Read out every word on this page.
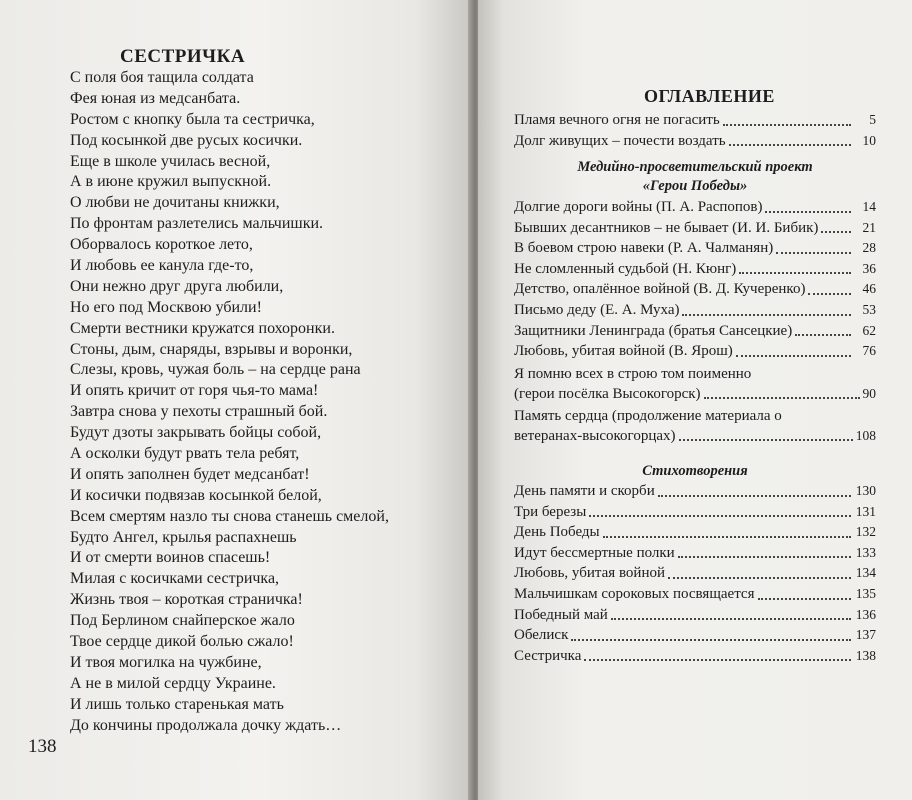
СЕСТРИЧКА
С поля боя тащила солдата
Фея юная из медсанбата.
Ростом с кнопку была та сестричка,
Под косынкой две русых косички.
Еще в школе училась весной,
А в июне кружил выпускной.
О любви не дочитаны книжки,
По фронтам разлетелись мальчишки.
Оборвалось короткое лето,
И любовь ее канула где-то,
Они нежно друг друга любили,
Но его под Москвою убили!
Смерти вестники кружатся похоронки.
Стоны, дым, снаряды, взрывы и воронки,
Слезы, кровь, чужая боль – на сердце рана
И опять кричит от горя чья-то мама!
Завтра снова у пехоты страшный бой.
Будут дзоты закрывать бойцы собой,
А осколки будут рвать тела ребят,
И опять заполнен будет медсанбат!
И косички подвязав косынкой белой,
Всем смертям назло ты снова станешь смелой,
Будто Ангел, крылья распахнешь
И от смерти воинов спасешь!
Милая с косичками сестричка,
Жизнь твоя – короткая страничка!
Под Берлином снайперское жало
Твое сердце дикой болью сжало!
И твоя могилка на чужбине,
А не в милой сердцу Украине.
И лишь только старенькая мать
До кончины продолжала дочку ждать…
138
ОГЛАВЛЕНИЕ
Пламя вечного огня не погасить	5
Долг живущих – почести воздать	10
Медийно-просветительский проект
«Герои Победы»
Долгие дороги войны (П. А. Распопов)	14
Бывших десантников – не бывает (И. И. Бибик)	21
В боевом строю навеки (Р. А. Чалманян)	28
Не сломленный судьбой (Н. Кюнг)	36
Детство, опалённое войной (В. Д. Кучеренко)	46
Письмо деду (Е. А. Муха)	53
Защитники Ленинграда (братья Сансецкие)	62
Любовь, убитая войной (В. Ярош)	76
Я помню всех в строю том поименно
(герои посёлка Высокогорск)	90
Память сердца (продолжение материала о
ветеранах-высокогорцах)	108
Стихотворения
День памяти и скорби	130
Три березы	131
День Победы	132
Идут бессмертные полки	133
Любовь, убитая войной	134
Мальчишкам сороковых посвящается	135
Победный май	136
Обелиск	137
Сестричка	138
